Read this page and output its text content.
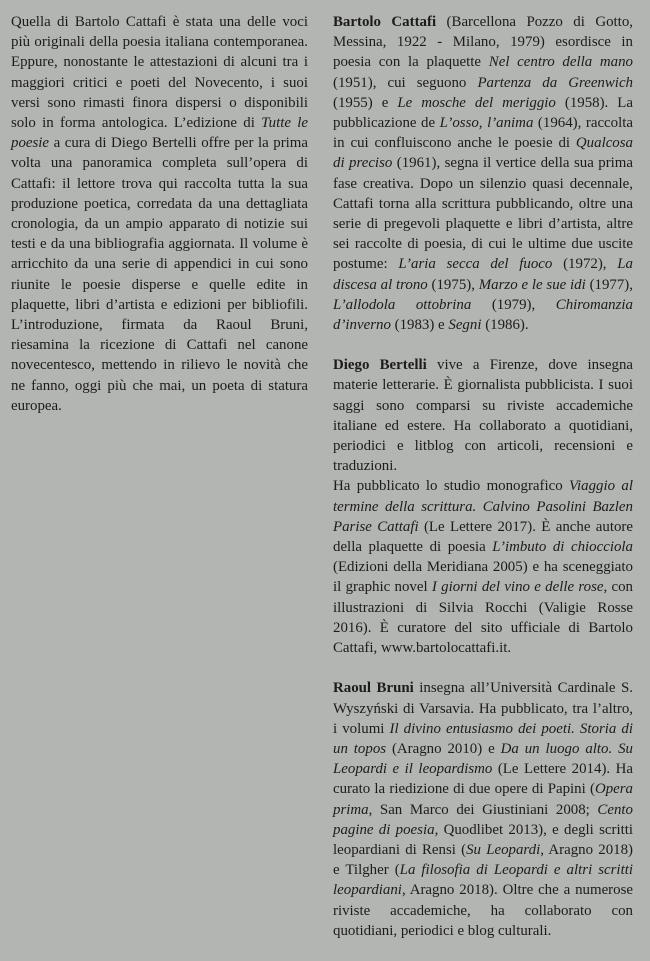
Quella di Bartolo Cattafi è stata una delle voci più originali della poesia italiana contemporanea. Eppure, nonostante le attestazioni di alcuni tra i maggiori critici e poeti del Novecento, i suoi versi sono rimasti finora dispersi o disponibili solo in forma antologica. L’edizione di Tutte le poesie a cura di Diego Bertelli offre per la prima volta una panoramica completa sull’opera di Cattafi: il lettore trova qui raccolta tutta la sua produzione poetica, corredata da una dettagliata cronologia, da un ampio apparato di notizie sui testi e da una bibliografia aggiornata. Il volume è arricchito da una serie di appendici in cui sono riunite le poesie disperse e quelle edite in plaquette, libri d’artista e edizioni per bibliofili. L’introduzione, firmata da Raoul Bruni, riesamina la ricezione di Cattafi nel canone novecentesco, mettendo in rilievo le novità che ne fanno, oggi più che mai, un poeta di statura europea.

Bartolo Cattafi (Barcellona Pozzo di Gotto, Messina, 1922 - Milano, 1979) esordisce in poesia con la plaquette Nel centro della mano (1951), cui seguono Partenza da Greenwich (1955) e Le mosche del meriggio (1958). La pubblicazione de L’osso, l’anima (1964), raccolta in cui confluiscono anche le poesie di Qualcosa di preciso (1961), segna il vertice della sua prima fase creativa. Dopo un silenzio quasi decennale, Cattafi torna alla scrittura pubblicando, oltre una serie di pregevoli plaquette e libri d’artista, altre sei raccolte di poesia, di cui le ultime due uscite postume: L’aria secca del fuoco (1972), La discesa al trono (1975), Marzo e le sue idi (1977), L’allodola ottobrina (1979), Chiromanzia d’inverno (1983) e Segni (1986).

Diego Bertelli vive a Firenze, dove insegna materie letterarie. È giornalista pubblicista. I suoi saggi sono comparsi su riviste accademiche italiane ed estere. Ha collaborato a quotidiani, periodici e litblog con articoli, recensioni e traduzioni.
Ha pubblicato lo studio monografico Viaggio al termine della scrittura. Calvino Pasolini Bazlen Parise Cattafi (Le Lettere 2017). È anche autore della plaquette di poesia L’imbuto di chiocciola (Edizioni della Meridiana 2005) e ha sceneggiato il graphic novel I giorni del vino e delle rose, con illustrazioni di Silvia Rocchi (Valigie Rosse 2016). È curatore del sito ufficiale di Bartolo Cattafi, www.bartolocattafi.it.

Raoul Bruni insegna all’Università Cardinale S. Wyszyński di Varsavia. Ha pubblicato, tra l’altro, i volumi Il divino entusiasmo dei poeti. Storia di un topos (Aragno 2010) e Da un luogo alto. Su Leopardi e il leopardismo (Le Lettere 2014). Ha curato la riedizione di due opere di Papini (Opera prima, San Marco dei Giustiniani 2008; Cento pagine di poesia, Quodlibet 2013), e degli scritti leopardiani di Rensi (Su Leopardi, Aragno 2018) e Tilgher (La filosofia di Leopardi e altri scritti leopardiani, Aragno 2018). Oltre che a numerose riviste accademiche, ha collaborato con quotidiani, periodici e blog culturali.
